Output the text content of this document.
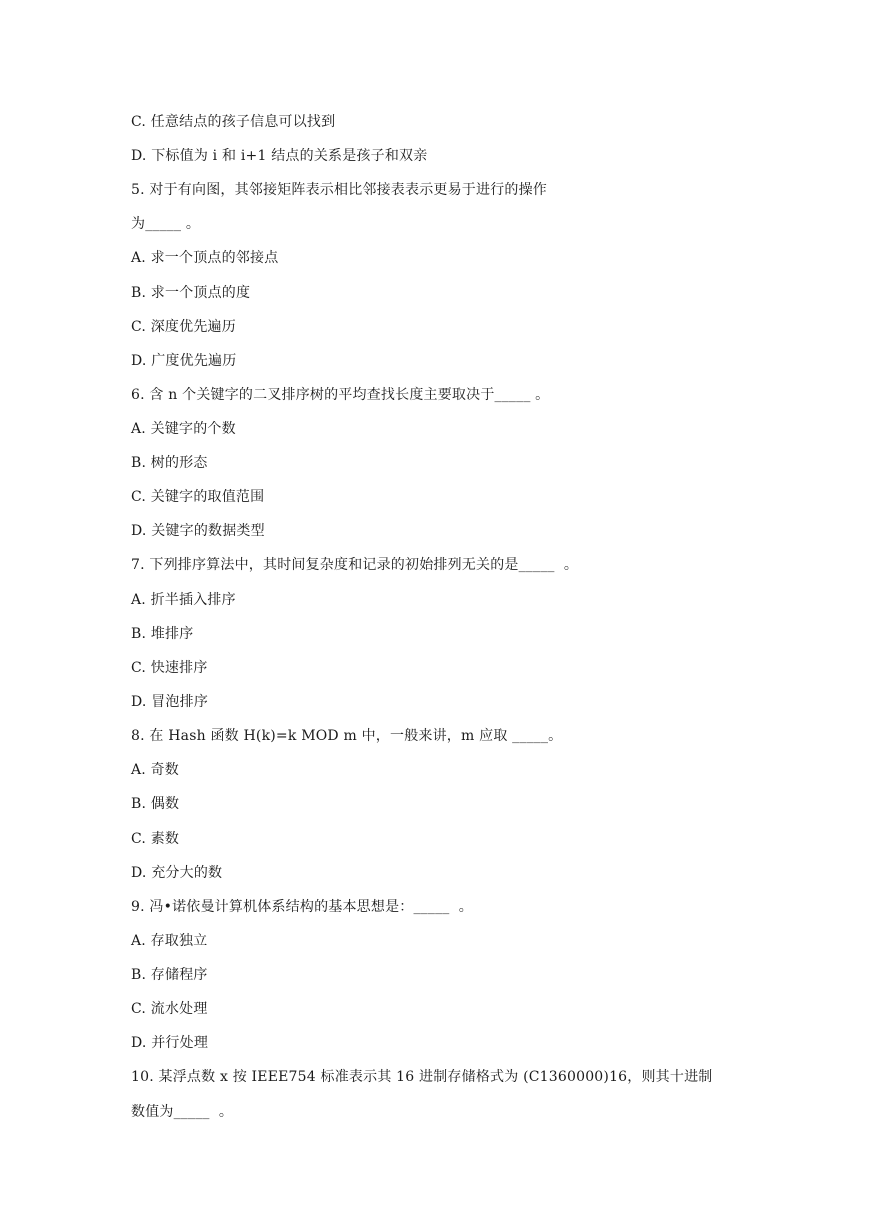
C. 任意结点的孩子信息可以找到
D. 下标值为 i 和 i+1 结点的关系是孩子和双亲
5. 对于有向图，其邻接矩阵表示相比邻接表表示更易于进行的操作
为_____ 。
A. 求一个顶点的邻接点
B. 求一个顶点的度
C. 深度优先遍历
D. 广度优先遍历
6. 含 n 个关键字的二叉排序树的平均查找长度主要取决于_____ 。
A. 关键字的个数
B. 树的形态
C. 关键字的取值范围
D. 关键字的数据类型
7. 下列排序算法中，其时间复杂度和记录的初始排列无关的是_____  。
A. 折半插入排序
B. 堆排序
C. 快速排序
D. 冒泡排序
8. 在 Hash 函数 H(k)=k MOD m 中，一般来讲，m 应取 _____。
A. 奇数
B. 偶数
C. 素数
D. 充分大的数
9. 冯•诺依曼计算机体系结构的基本思想是：_____  。
A. 存取独立
B. 存储程序
C. 流水处理
D. 并行处理
10. 某浮点数 x 按 IEEE754 标准表示其 16 进制存储格式为 (C1360000)16，则其十进制
数值为_____  。
